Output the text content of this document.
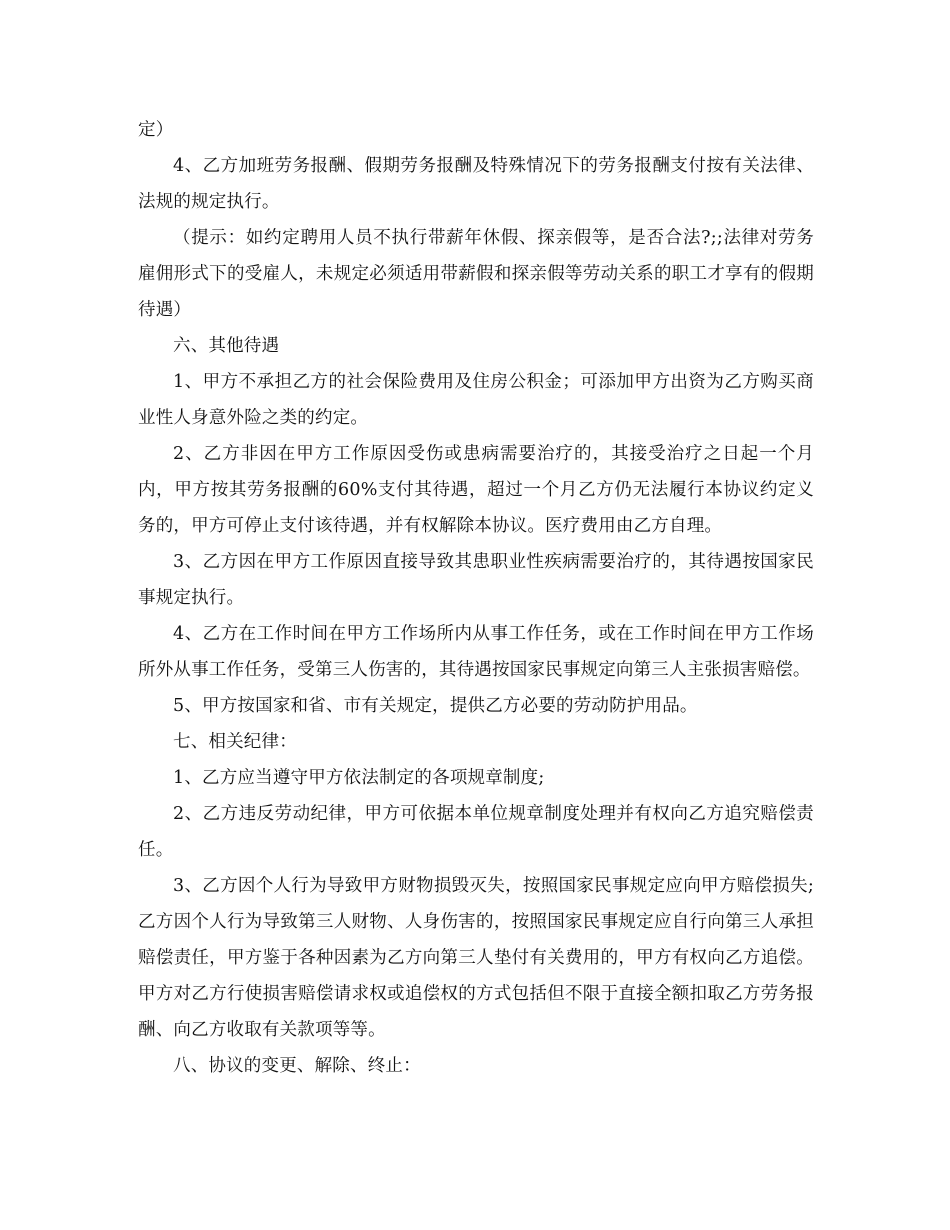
定）

4、乙方加班劳务报酬、假期劳务报酬及特殊情况下的劳务报酬支付按有关法律、法规的规定执行。

（提示：如约定聘用人员不执行带薪年休假、探亲假等，是否合法?;;法律对劳务雇佣形式下的受雇人，未规定必须适用带薪假和探亲假等劳动关系的职工才享有的假期待遇）

六、其他待遇

1、甲方不承担乙方的社会保险费用及住房公积金；可添加甲方出资为乙方购买商业性人身意外险之类的约定。

2、乙方非因在甲方工作原因受伤或患病需要治疗的，其接受治疗之日起一个月内，甲方按其劳务报酬的60%支付其待遇，超过一个月乙方仍无法履行本协议约定义务的，甲方可停止支付该待遇，并有权解除本协议。医疗费用由乙方自理。

3、乙方因在甲方工作原因直接导致其患职业性疾病需要治疗的，其待遇按国家民事规定执行。

4、乙方在工作时间在甲方工作场所内从事工作任务，或在工作时间在甲方工作场所外从事工作任务，受第三人伤害的，其待遇按国家民事规定向第三人主张损害赔偿。

5、甲方按国家和省、市有关规定，提供乙方必要的劳动防护用品。

七、相关纪律：

1、乙方应当遵守甲方依法制定的各项规章制度;

2、乙方违反劳动纪律，甲方可依据本单位规章制度处理并有权向乙方追究赔偿责任。

3、乙方因个人行为导致甲方财物损毁灭失，按照国家民事规定应向甲方赔偿损失;乙方因个人行为导致第三人财物、人身伤害的，按照国家民事规定应自行向第三人承担赔偿责任，甲方鉴于各种因素为乙方向第三人垫付有关费用的，甲方有权向乙方追偿。甲方对乙方行使损害赔偿请求权或追偿权的方式包括但不限于直接全额扣取乙方劳务报酬、向乙方收取有关款项等等。

八、协议的变更、解除、终止：
